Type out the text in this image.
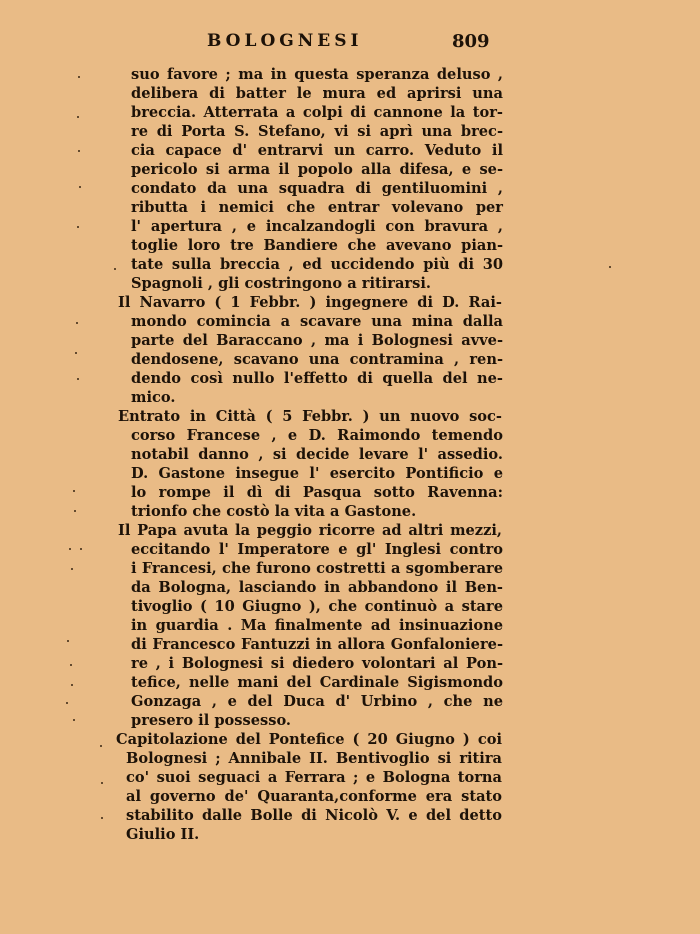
BOLOGNESI	809
suo favore ; ma in questa speranza deluso ,
delibera di batter le mura ed aprirsi una
breccia. Atterrata a colpi di cannone la tor-
re di Porta S. Stefano, vi si aprì una brec-
cia capace d' entrarvi un carro. Veduto il
pericolo si arma il popolo alla difesa, e se-
condato da una squadra di gentiluomini ,
ributta i nemici che entrar volevano per
l' apertura , e incalzandogli con bravura ,
toglie loro tre Bandiere che avevano pian-
tate sulla breccia , ed uccidendo più di 30
Spagnoli , gli costringono a ritirarsi.
Il Navarro ( 1 Febbr. ) ingegnere di D. Rai-
mondo comincia a scavare una mina dalla
parte del Baraccano , ma i Bolognesi avve-
dendosene, scavano una contramina , ren-
dendo così nullo l'effetto di quella del ne-
mico.
Entrato in Città ( 5 Febbr. ) un nuovo soc-
corso Francese , e D. Raimondo temendo
notabil danno , si decide levare l' assedio.
D. Gastone insegue l' esercito Pontificio e
lo rompe il dì di Pasqua sotto Ravenna:
trionfo che costò la vita a Gastone.
Il Papa avuta la peggio ricorre ad altri mezzi,
eccitando l' Imperatore e gl' Inglesi contro
i Francesi, che furono costretti a sgomberare
da Bologna, lasciando in abbandono il Ben-
tivoglio ( 10 Giugno ), che continuò a stare
in guardia . Ma finalmente ad insinuazione
di Francesco Fantuzzi in allora Gonfaloniere-
re , i Bolognesi si diedero volontari al Pon-
tefice, nelle mani del Cardinale Sigismondo
Gonzaga , e del Duca d' Urbino , che ne
presero il possesso.
Capitolazione del Pontefice ( 20 Giugno ) coi
Bolognesi ; Annibale II. Bentivoglio si ritira
co' suoi seguaci a Ferrara ; e Bologna torna
al governo de' Quaranta,conforme era stato
stabilito dalle Bolle di Nicolò V. e del detto
Giulio II.
